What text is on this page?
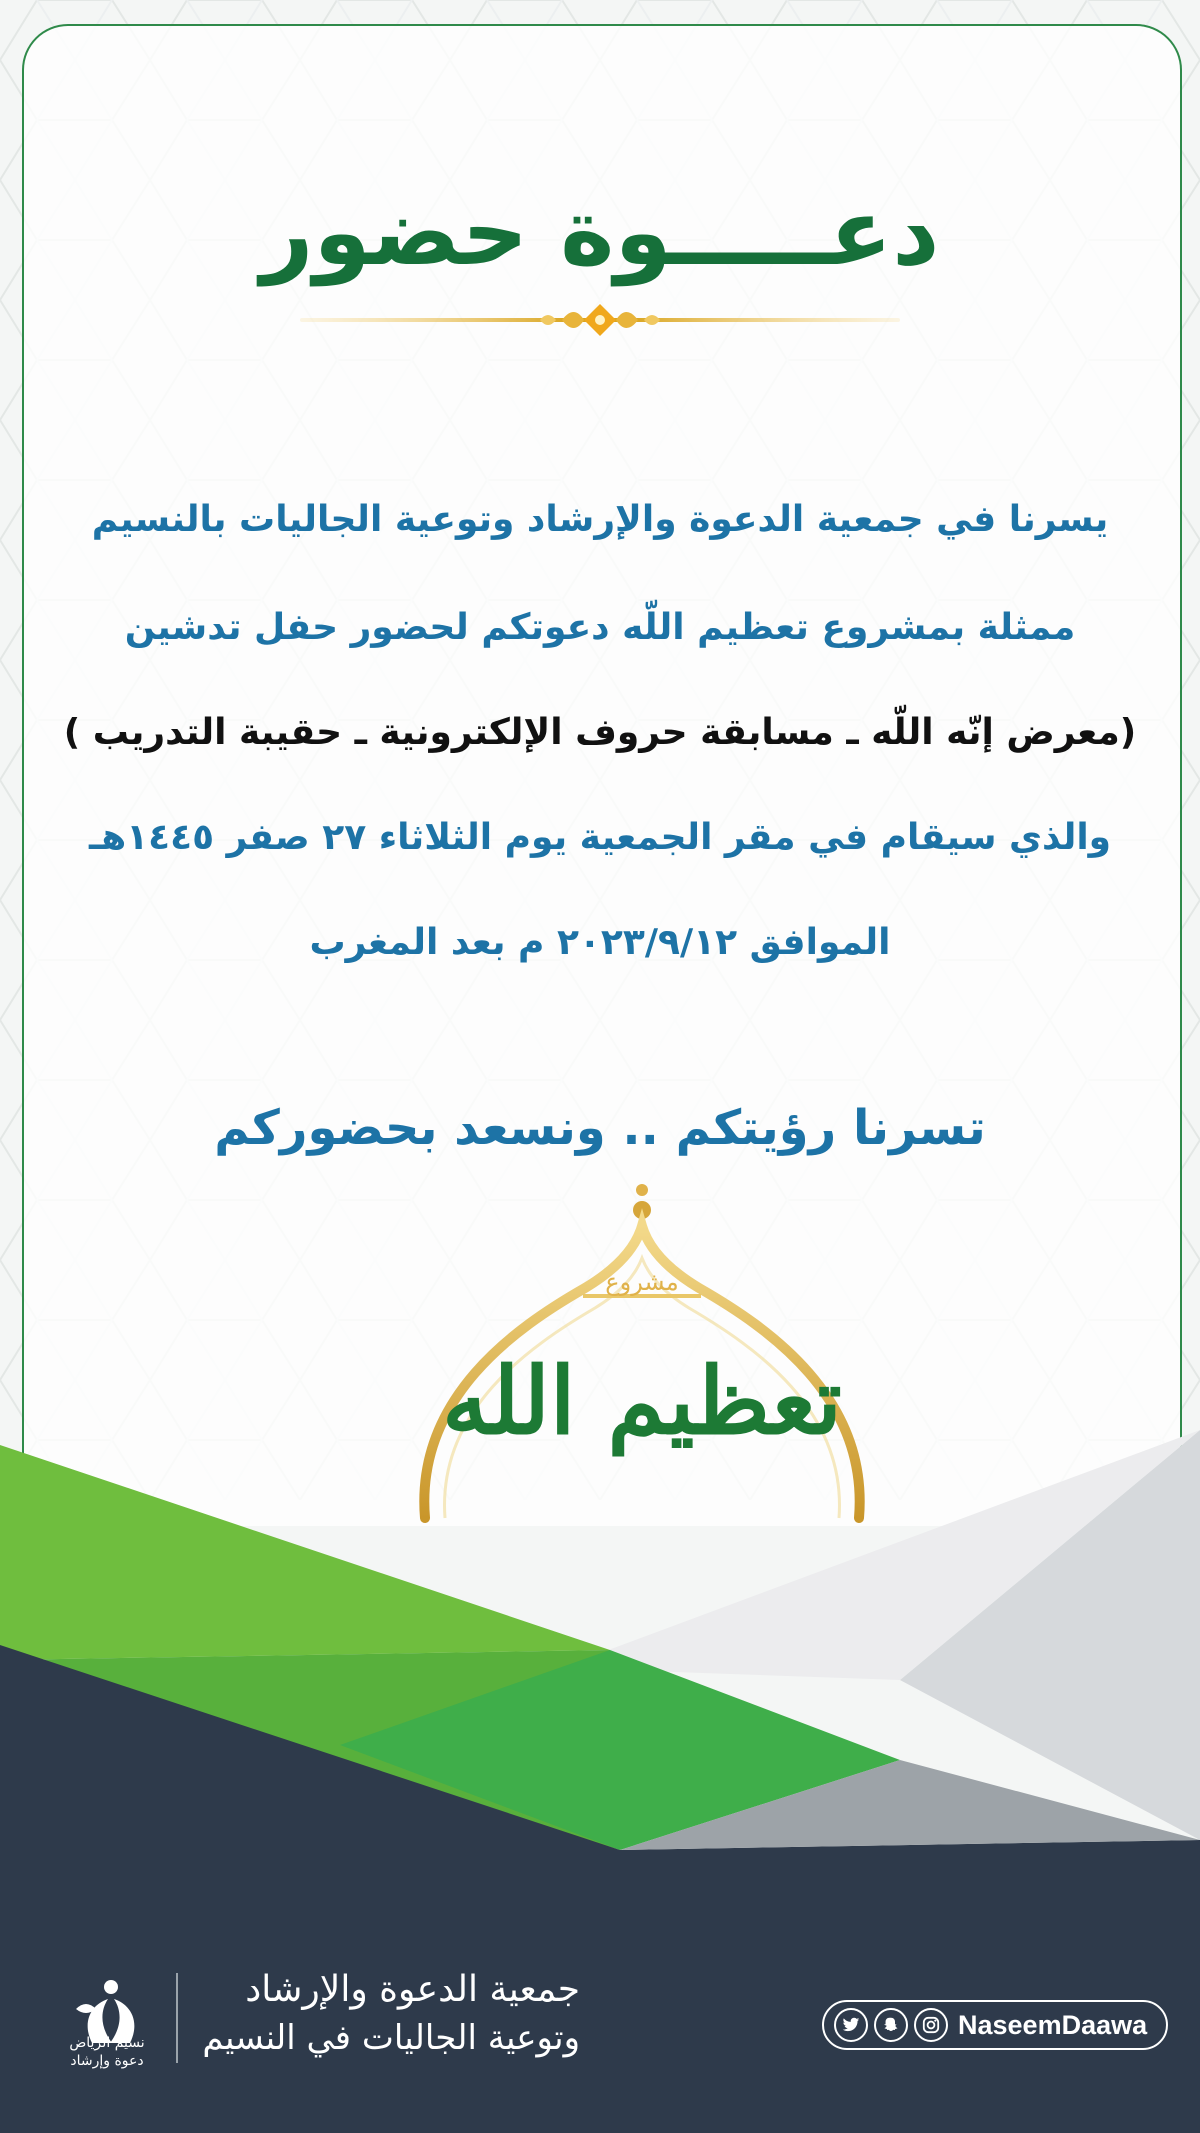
دعـــــوة حضور
يسرنا في جمعية الدعوة والإرشاد وتوعية الجاليات بالنسيم
ممثلة بمشروع تعظيم اللّه دعوتكم لحضور حفل تدشين
(معرض إنّه اللّه ـ مسابقة حروف الإلكترونية ـ حقيبة التدريب )
والذي سيقام في مقر الجمعية يوم الثلاثاء ٢٧ صفر ١٤٤٥هـ
الموافق ٢٠٢٣/٩/١٢ م بعد المغرب
تسرنا رؤيتكم .. ونسعد بحضوركم
مشروع
تعظيم الله
نسيم الرياض
دعوة وإرشاد
جمعية الدعوة والإرشاد
وتوعية الجاليات في النسيم	NaseemDaawa
